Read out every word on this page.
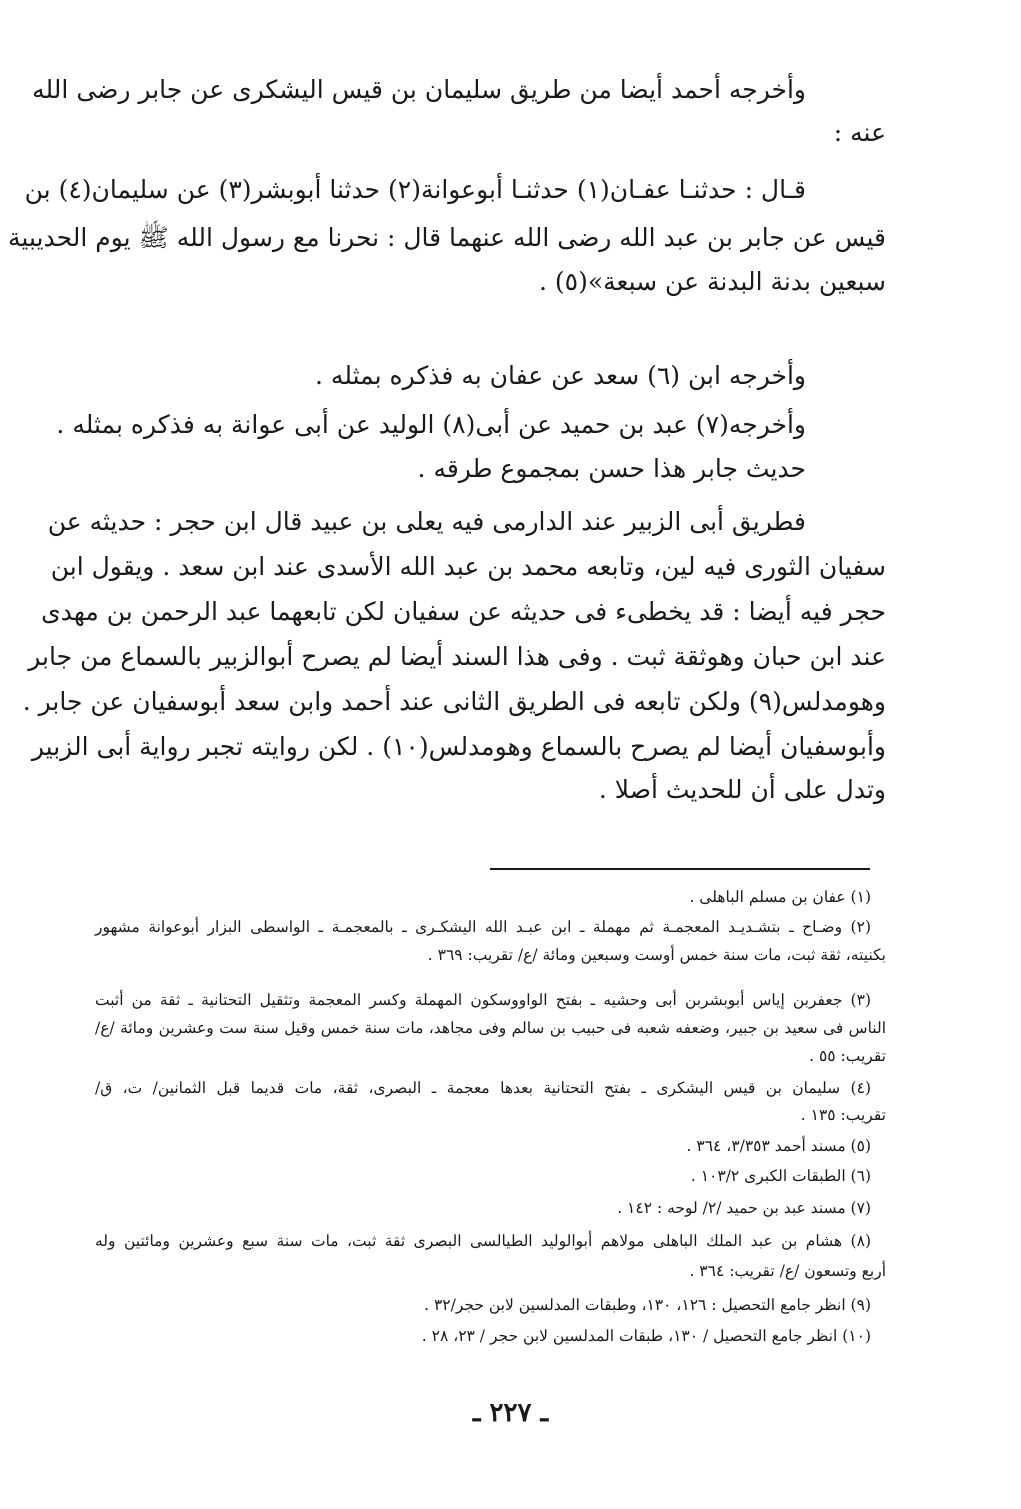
وأخرجه أحمد أيضا من طريق سليمان بن قيس اليشكرى عن جابر رضى الله
عنه :
قـال : حدثنـا عفـان(١) حدثنـا أبوعوانة(٢) حدثنا أبوبشر(٣) عن سليمان(٤) بن
قيس عن جابر بن عبد الله رضى الله عنهما قال : نحرنا مع رسول الله ﷺ يوم الحديبية
سبعين بدنة البدنة عن سبعة»(٥) .
وأخرجه ابن (٦) سعد عن عفان به فذكره بمثله .
وأخرجه(٧) عبد بن حميد عن أبى(٨) الوليد عن أبى عوانة به فذكره بمثله .
حديث جابر هذا حسن بمجموع طرقه .
فطريق أبى الزبير عند الدارمى فيه يعلى بن عبيد قال ابن حجر : حديثه عن
سفيان الثورى فيه لين، وتابعه محمد بن عبد الله الأسدى عند ابن سعد . ويقول ابن
حجر فيه أيضا : قد يخطىء فى حديثه عن سفيان لكن تابعهما عبد الرحمن بن مهدى
عند ابن حبان وهوثقة ثبت . وفى هذا السند أيضا لم يصرح أبوالزبير بالسماع من جابر
وهومدلس(٩) ولكن تابعه فى الطريق الثانى عند أحمد وابن سعد أبوسفيان عن جابر .
وأبوسفيان أيضا لم يصرح بالسماع وهومدلس(١٠) . لكن روايته تجبر رواية أبى الزبير
وتدل على أن للحديث أصلا .
(١) عفان بن مسلم الباهلى .
(٢) وضـاح ـ بتشـديـد المعجمـة ثم مهملة ـ ابن عبـد الله اليشكـرى ـ بالمعجمـة ـ الواسطى البزار أبوعوانة مشهور
بكنيته، ثقة ثبت، مات سنة خمس أوست وسبعين ومائة /ع/ تقريب: ٣٦٩ .
(٣) جعفربن إياس أبوبشربن أبى وحشيه ـ بفتح الواووسكون المهملة وكسر المعجمة وتثقيل التحتانية ـ ثقة من أثبت
الناس فى سعيد بن جبير، وضعفه شعبه فى حبيب بن سالم وفى مجاهد، مات سنة خمس وقيل سنة ست وعشرين ومائة /ع/
تقريب: ٥٥ .
(٤) سليمان بن قيس اليشكرى ـ بفتح التحتانية بعدها معجمة ـ البصرى، ثقة، مات قديما قبل الثمانين/ ت، ق/
تقريب: ١٣٥ .
(٥) مسند أحمد ٣/٣٥٣، ٣٦٤ .
(٦) الطبقات الكبرى ١٠٣/٢ .
(٧) مسند عبد بن حميد /٢/ لوحه : ١٤٢ .
(٨) هشام بن عبد الملك الباهلى مولاهم أبوالوليد الطيالسى البصرى ثقة ثبت، مات سنة سبع وعشرين ومائتين وله
أربع وتسعون /ع/ تقريب: ٣٦٤ .
(٩) انظر جامع التحصيل : ١٢٦، ١٣٠، وطبقات المدلسين لابن حجر/٣٢ .
(١٠) انظر جامع التحصيل / ١٣٠، طبقات المدلسين لابن حجر / ٢٣، ٢٨ .
ـ ٢٢٧ ـ
